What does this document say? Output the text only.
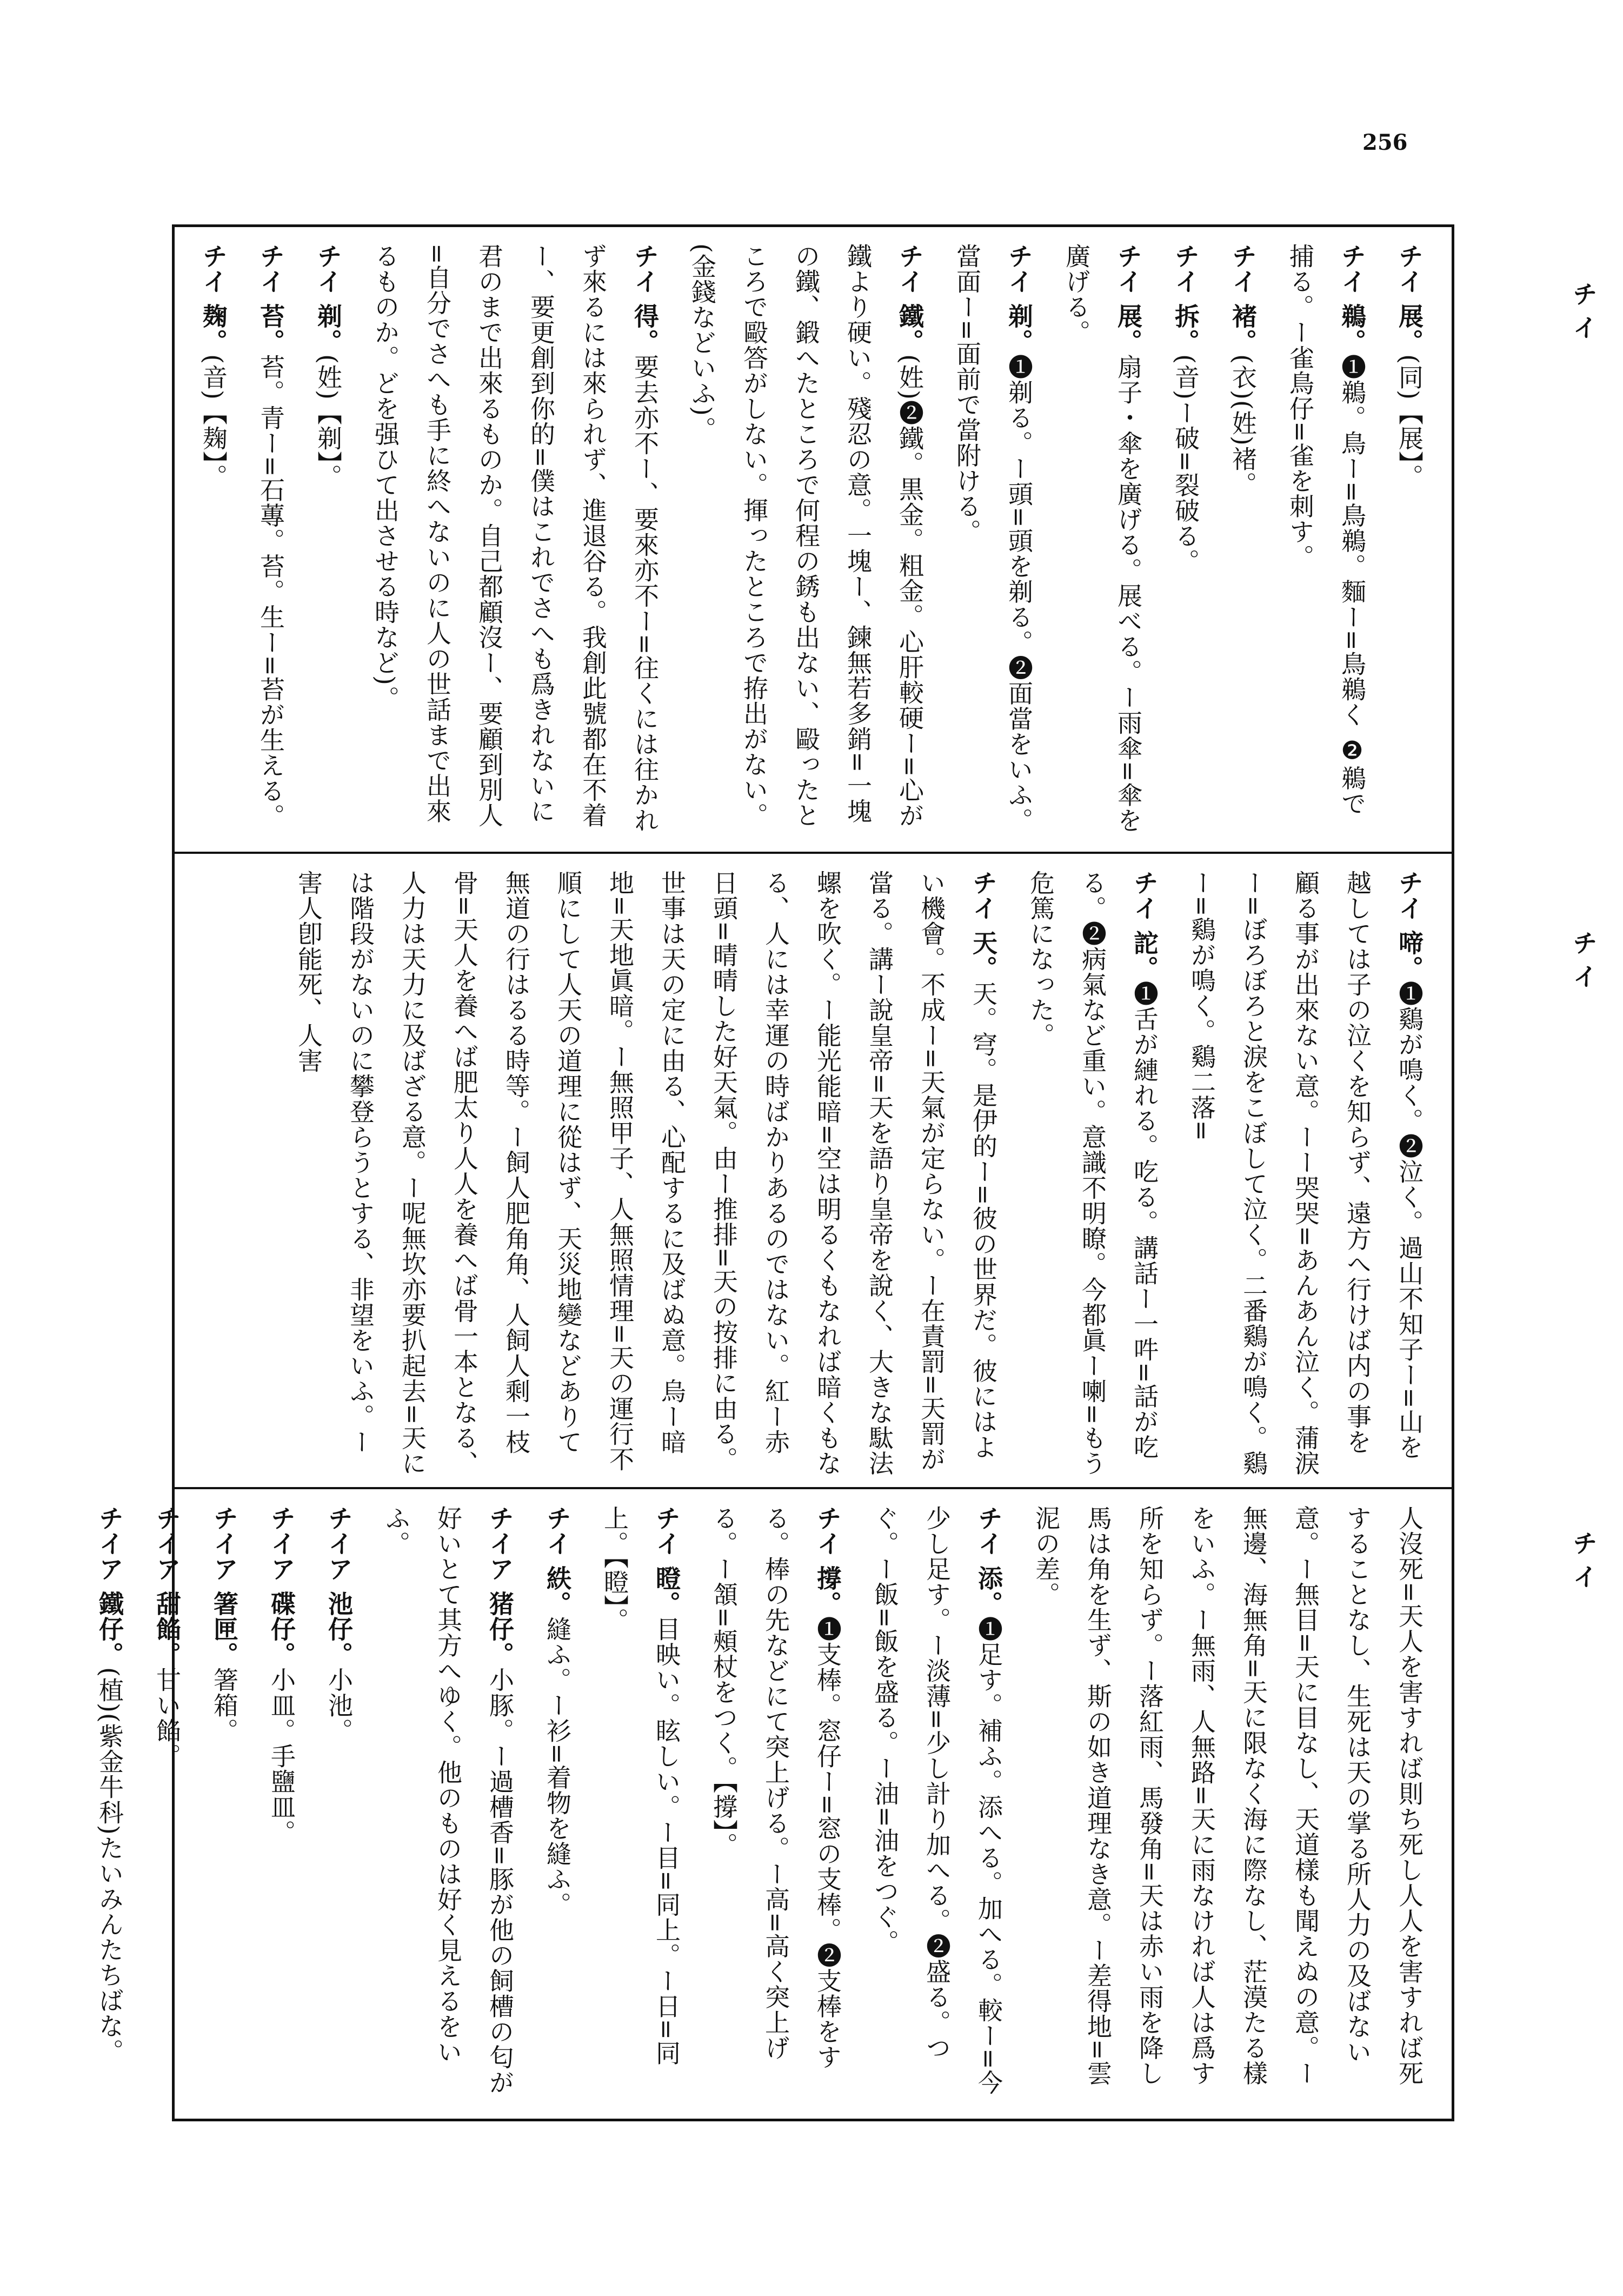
256
チ イ
チ イ
チ イ
チイ 展。(同)【展】。
チイ 鵜。❶鵜。鳥ー=鳥鵜。麵ー=鳥鵜く ❷鵜で捕る。ー雀鳥仔=雀を刺す。
チイ 褚。(衣)(姓)褚。
チイ 拆。(音)ー破=裂破る。
チイ 展。扇子・傘を廣げる。展べる。ー雨傘=傘を廣げる。
チイ 剃。❶剃る。ー頭=頭を剃る。❷面當をいふ。當面ー=面前で當附ける。
チイ 鐵。(姓)❷鐵。黒金。粗金。心肝較硬ー=心が鐵より硬い。殘忍の意。一塊ー、鍊無若多銷=一塊の鐵、鍛へたところで何程の銹も出ない、毆ったところで毆答がしない。揮ったところで拵出がない。(金錢などいふ)。
チイ 得。要去亦不ー、要來亦不ー=往くには往かれず來るには來られず、進退谷る。我創此號都在不着ー、要更創到你的=僕はこれでさへも爲きれないに君のまで出來るものか。自己都顧沒ー、要顧到別人=自分でさへも手に終へないのに人の世話まで出來るものか。どを强ひて出させる時など)。
チイ 剃。(姓)【剃】。
チイ 苔。苔。青ー=石蓴。苔。生ー=苔が生える。
チイ 麹。(音)【麹】。
チイ 啼。❶鷄が鳴く。❷泣く。過山不知子ー=山を越しては子の泣くを知らず、遠方へ行けば内の事を顧る事が出來ない意。ーー哭哭=あんあん泣く。蒲淚ー=ぼろぼろと淚をこぼして泣く。二番鷄が鳴く。鷄ー=鷄が鳴く。鷄二落=
チイ 詑。❶舌が縺れる。吃る。講話ー一吽=話が吃る。❷病氣など重い。意識不明瞭。今都眞ー喇=もう危篤になった。
チイ 天。天。穹。是伊的ー=彼の世界だ。彼にはよい機會。不成ー=天氣が定らない。ー在責罰=天罰が當る。講ー說皇帝=天を語り皇帝を說く、大きな駄法螺を吹く。ー能光能暗=空は明るくもなれば暗くもなる、人には幸運の時ばかりあるのではない。紅ー赤日頭=晴晴した好天氣。由ー推排=天の按排に由る。世事は天の定に由る、心配するに及ばぬ意。烏ー暗地=天地眞暗。ー無照甲子、人無照情理=天の運行不順にして人天の道理に從はず、天災地變などありて無道の行はるる時等。ー飼人肥角角、人飼人剩一枝骨=天人を養へば肥太り人人を養へば骨一本となる、人力は天力に及ばざる意。ー呢無坎亦要扒起去=天には階段がないのに攀登らうとする、非望をいふ。ー害人卽能死、人害
人沒死=天人を害すれば則ち死し人人を害すれば死することなし、生死は天の掌る所人力の及ばない意。ー無目=天に目なし、天道樣も聞えぬの意。ー無邊、海無角=天に限なく海に際なし、茫漠たる樣をいふ。ー無雨、人無路=天に雨なければ人は爲す所を知らず。ー落紅雨、馬發角=天は赤い雨を降し馬は角を生ず、斯の如き道理なき意。ー差得地=雲泥の差。
チイ 添。❶足す。補ふ。添へる。加へる。較ー=今少し足す。ー淡薄=少し計り加へる。❷盛る。つぐ。ー飯=飯を盛る。ー油=油をつぐ。
チイ 撐。❶支棒。窓仔ー=窓の支棒。❷支棒をする。棒の先などにて突上げる。ー高=高く突上げる。ー頷=頰杖をつく。【撐】。
チイ 瞪。目映い。眩しい。ー目=同上。ー日=同上。【瞪】。
チイ 紩。縫ふ。ー衫=着物を縫ふ。
チイア 猪仔。小豚。ー過槽香=豚が他の飼槽の匂が好いとて其方へゆく。他のものは好く見えるをいふ。
チイア 池仔。小池。
チイア 碟仔。小皿。手鹽皿。
チイア 箸匣。箸箱。
チイア 甜餡。甘い餡。
チイア 鐵仔。(植)(紫金牛科)たいみんたちばな。
